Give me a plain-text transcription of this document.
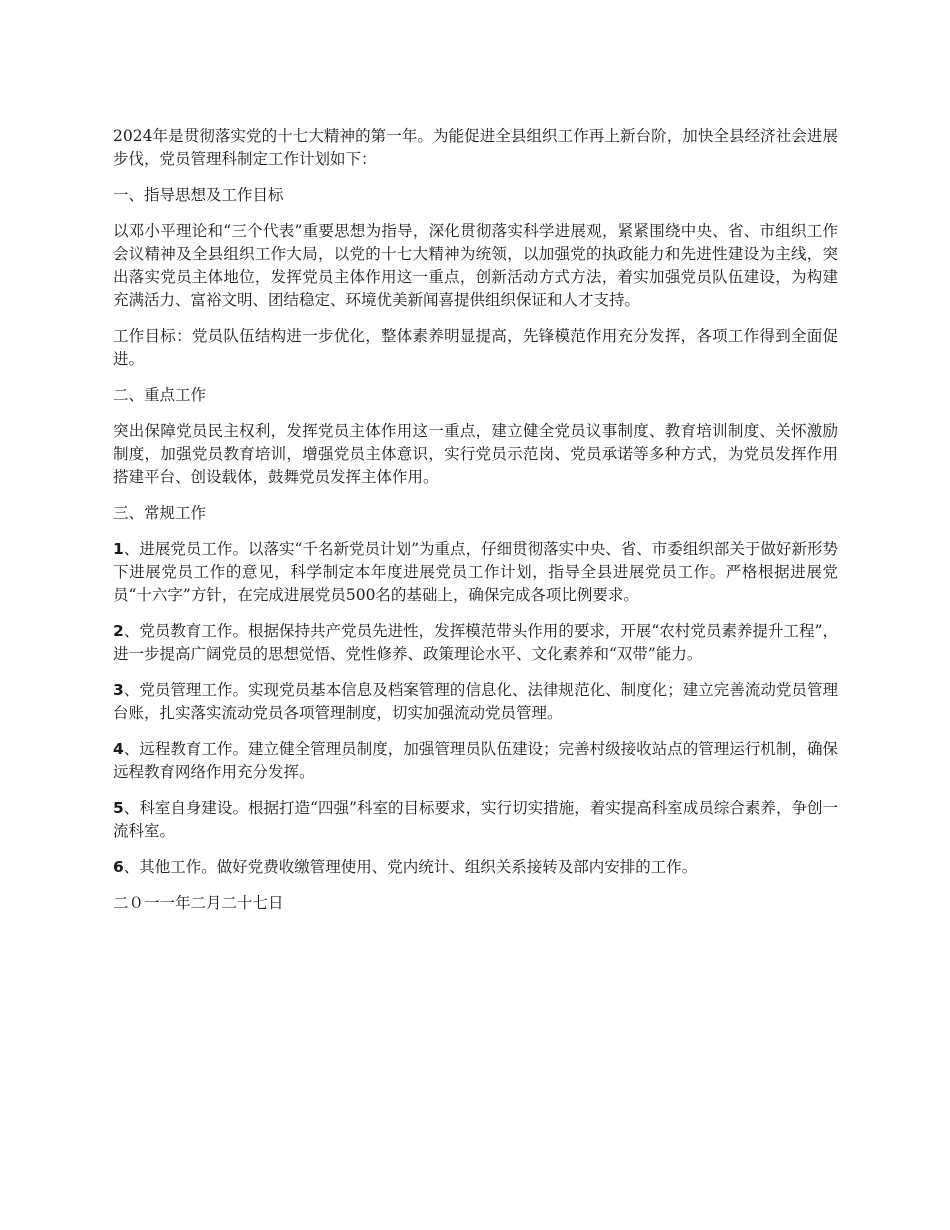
2024年是贯彻落实党的十七大精神的第一年。为能促进全县组织工作再上新台阶，加快全县经济社会进展步伐，党员管理科制定工作计划如下：

一、指导思想及工作目标

以邓小平理论和“三个代表”重要思想为指导，深化贯彻落实科学进展观，紧紧围绕中央、省、市组织工作会议精神及全县组织工作大局，以党的十七大精神为统领，以加强党的执政能力和先进性建设为主线，突出落实党员主体地位，发挥党员主体作用这一重点，创新活动方式方法，着实加强党员队伍建设，为构建充满活力、富裕文明、团结稳定、环境优美新闻喜提供组织保证和人才支持。

工作目标：党员队伍结构进一步优化，整体素养明显提高，先锋模范作用充分发挥，各项工作得到全面促进。

二、重点工作

突出保障党员民主权利，发挥党员主体作用这一重点，建立健全党员议事制度、教育培训制度、关怀激励制度，加强党员教育培训，增强党员主体意识，实行党员示范岗、党员承诺等多种方式，为党员发挥作用搭建平台、创设载体，鼓舞党员发挥主体作用。

三、常规工作

1、进展党员工作。以落实“千名新党员计划”为重点，仔细贯彻落实中央、省、市委组织部关于做好新形势下进展党员工作的意见，科学制定本年度进展党员工作计划，指导全县进展党员工作。严格根据进展党员“十六字”方针，在完成进展党员500名的基础上，确保完成各项比例要求。

2、党员教育工作。根据保持共产党员先进性，发挥模范带头作用的要求，开展“农村党员素养提升工程”，进一步提高广阔党员的思想觉悟、党性修养、政策理论水平、文化素养和“双带”能力。

3、党员管理工作。实现党员基本信息及档案管理的信息化、法律规范化、制度化；建立完善流动党员管理台账，扎实落实流动党员各项管理制度，切实加强流动党员管理。

4、远程教育工作。建立健全管理员制度，加强管理员队伍建设；完善村级接收站点的管理运行机制，确保远程教育网络作用充分发挥。

5、科室自身建设。根据打造“四强”科室的目标要求，实行切实措施，着实提高科室成员综合素养，争创一流科室。

6、其他工作。做好党费收缴管理使用、党内统计、组织关系接转及部内安排的工作。

二０一一年二月二十七日
